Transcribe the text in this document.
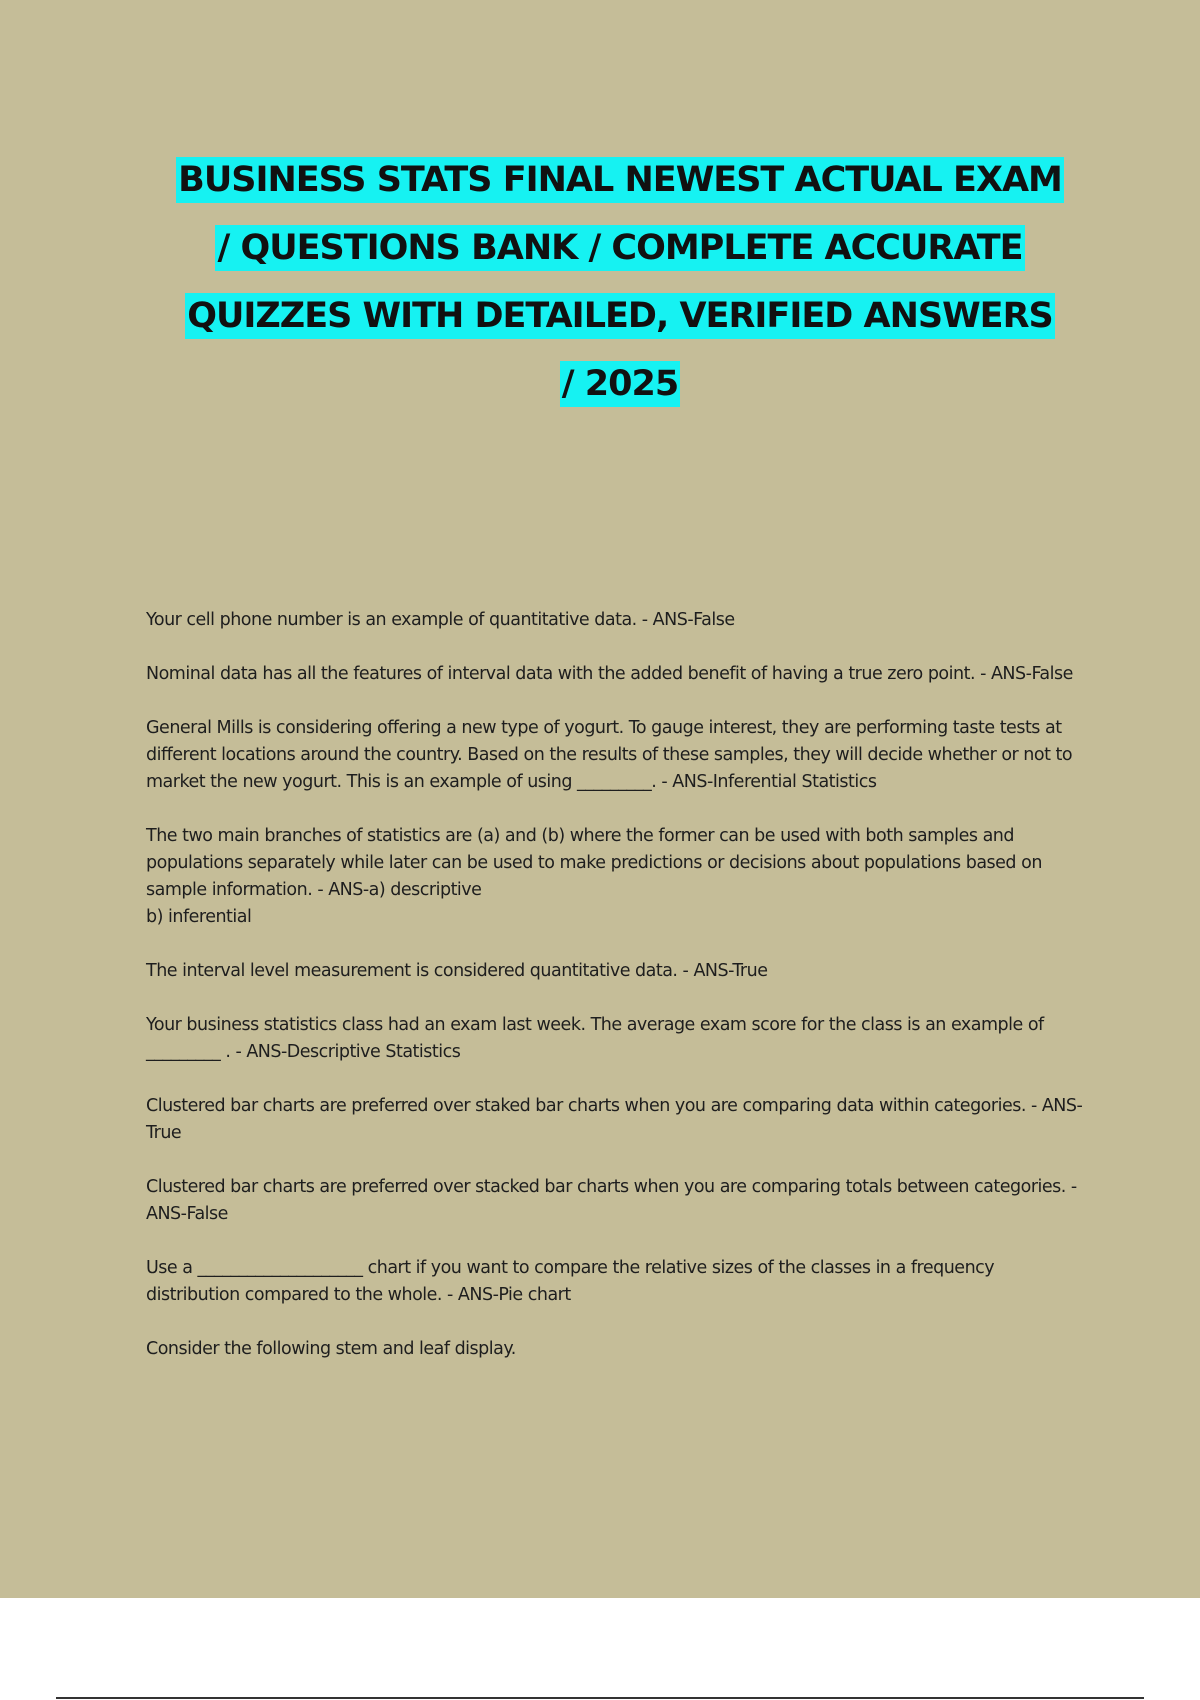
BUSINESS STATS FINAL NEWEST ACTUAL EXAM
/ QUESTIONS BANK / COMPLETE ACCURATE
QUIZZES WITH DETAILED, VERIFIED ANSWERS
/ 2025

Your cell phone number is an example of quantitative data. - ANS-False

Nominal data has all the features of interval data with the added benefit of having a true zero point. - ANS-False

General Mills is considering offering a new type of yogurt. To gauge interest, they are performing taste tests at different locations around the country. Based on the results of these samples, they will decide whether or not to market the new yogurt. This is an example of using _________. - ANS-Inferential Statistics

The two main branches of statistics are (a) and (b) where the former can be used with both samples and populations separately while later can be used to make predictions or decisions about populations based on sample information. - ANS-a) descriptive
b) inferential

The interval level measurement is considered quantitative data. - ANS-True

Your business statistics class had an exam last week. The average exam score for the class is an example of _________ . - ANS-Descriptive Statistics

Clustered bar charts are preferred over staked bar charts when you are comparing data within categories. - ANS-True

Clustered bar charts are preferred over stacked bar charts when you are comparing totals between categories. - ANS-False

Use a ____________________ chart if you want to compare the relative sizes of the classes in a frequency distribution compared to the whole. - ANS-Pie chart

Consider the following stem and leaf display.
